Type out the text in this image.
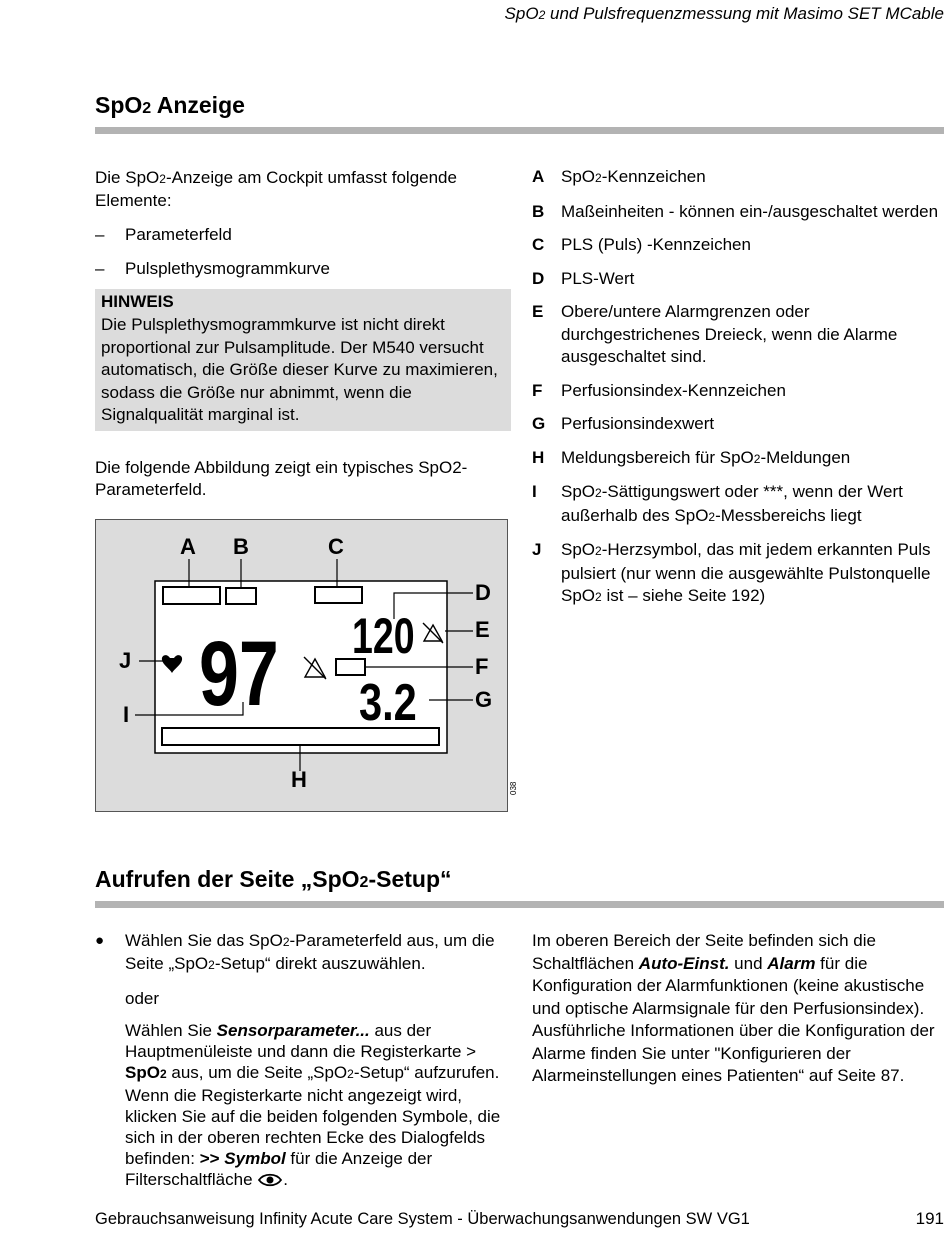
SpO2 und Pulsfrequenzmessung mit Masimo SET MCable
SpO2 Anzeige
Die SpO2-Anzeige am Cockpit umfasst folgende Elemente:
– Parameterfeld
– Pulsplethysmogrammkurve
HINWEIS
Die Pulsplethysmogrammkurve ist nicht direkt proportional zur Pulsamplitude. Der M540 versucht automatisch, die Größe dieser Kurve zu maximieren, sodass die Größe nur abnimmt, wenn die Signalqualität marginal ist.
Die folgende Abbildung zeigt ein typisches SpO2-Parameterfeld.
97 120
3.2
A B	C
D
E
F
G
H
I
J
038
A SpO2-Kennzeichen
B Maßeinheiten - können ein-/ausgeschaltet werden
C PLS (Puls) -Kennzeichen
D PLS-Wert
E	Obere/untere Alarmgrenzen oder durchgestrichenes Dreieck, wenn die Alarme ausgeschaltet sind.
F	Perfusionsindex-Kennzeichen
G Perfusionsindexwert
H Meldungsbereich für SpO2-Meldungen
I	SpO2-Sättigungswert oder ***, wenn der Wert außerhalb des SpO2-Messbereichs liegt
J	SpO2-Herzsymbol, das mit jedem erkannten Puls pulsiert (nur wenn die ausgewählte Pulstonquelle SpO2 ist – siehe Seite 192)
Aufrufen der Seite „SpO2-Setup“
●	Wählen Sie das SpO2-Parameterfeld aus, um die Seite „SpO2-Setup“ direkt auszuwählen.

oder

Wählen Sie Sensorparameter... aus der Hauptmenüleiste und dann die Registerkarte > SpO2 aus, um die Seite „SpO2-Setup“ aufzurufen. Wenn die Registerkarte nicht angezeigt wird, klicken Sie auf die beiden folgenden Symbole, die sich in der oberen rechten Ecke des Dialogfelds befinden: >> Symbol für die Anzeige der Filterschaltfläche .

Im oberen Bereich der Seite befinden sich die Schaltflächen Auto-Einst. und Alarm für die Konfiguration der Alarmfunktionen (keine akustische und optische Alarmsignale für den Perfusionsindex). Ausführliche Informationen über die Konfiguration der Alarme finden Sie unter "Konfigurieren der Alarmeinstellungen eines Patienten“ auf Seite 87.
Gebrauchsanweisung Infinity Acute Care System - Überwachungsanwendungen SW VG1	191
